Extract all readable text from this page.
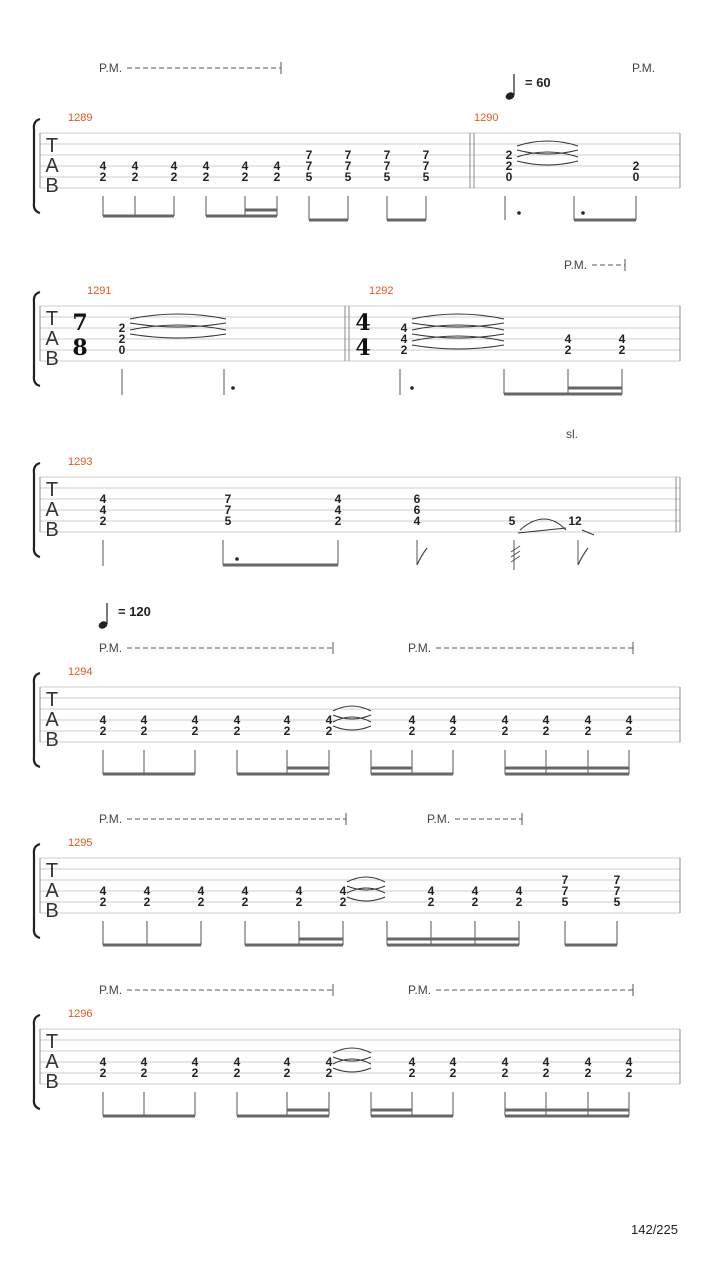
T
A
B
1289	1290
P.M.	P.M.
4
2
4
2
4
2
4
2
4
2
4
2
7
7
5
7
7
5
7
7
5
7
7
5
2
2
0
2
0
= 60
T
A
B
1291	1292
P.M.
7
8
4
4
2
2
0
4
4
2
4
2
4
2
T
A
B
1293
sl.
4
4
2
7
7
5
4
4
2
6
6
4	5	12
T
A
B
1294
P.M.	P.M.
4
2
4
2
4
2
4
2
4
2
4
2
4
2
4
2
4
2
4
2
4
2
4
2
= 120
T
A
B
1295
P.M.	P.M.
4
2
4
2
4
2
4
2
4
2
4
2
4
2
4
2
4
2
7
7
5
7
7
5
T
A
B
1296
P.M.	P.M.
4
2
4
2
4
2
4
2
4
2
4
2
4
2
4
2
4
2
4
2
4
2
4
2
142/225
